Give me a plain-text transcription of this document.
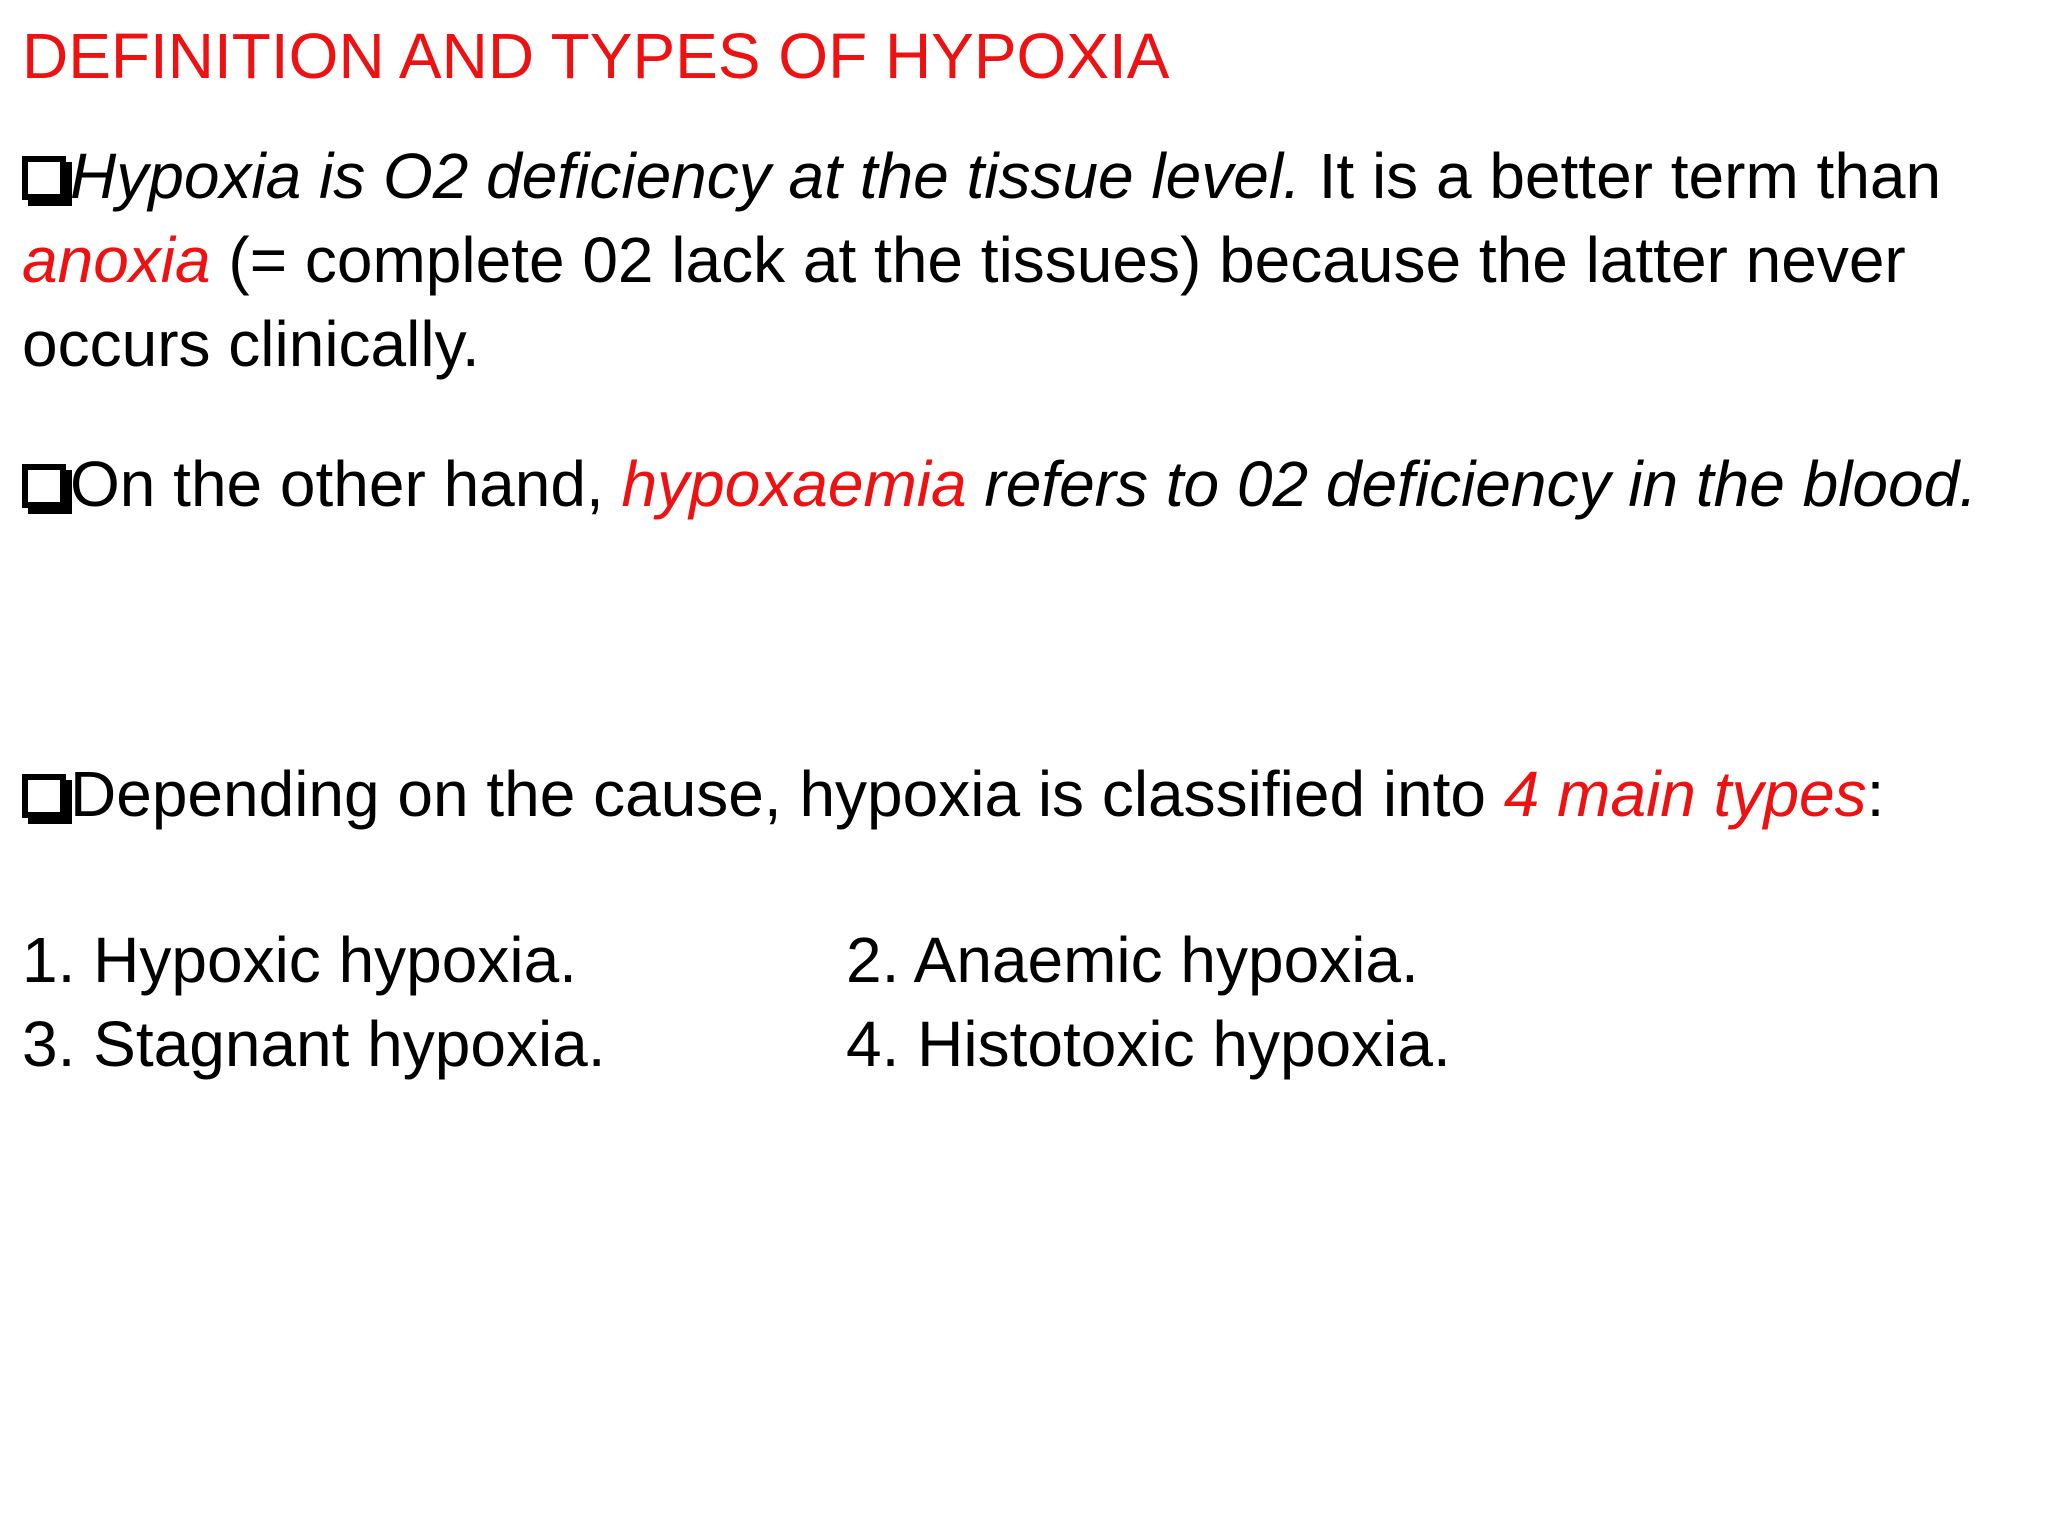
DEFINITION AND TYPES OF HYPOXIA
Hypoxia is O2 deficiency at the tissue level. It is a better term than anoxia (= complete 02 lack at the tissues) because the latter never occurs clinically.
On the other hand, hypoxaemia refers to 02 deficiency in the blood.
Depending on the cause, hypoxia is classified into 4 main types:
1. Hypoxic hypoxia.	2. Anaemic hypoxia.
3. Stagnant hypoxia.	4. Histotoxic hypoxia.
